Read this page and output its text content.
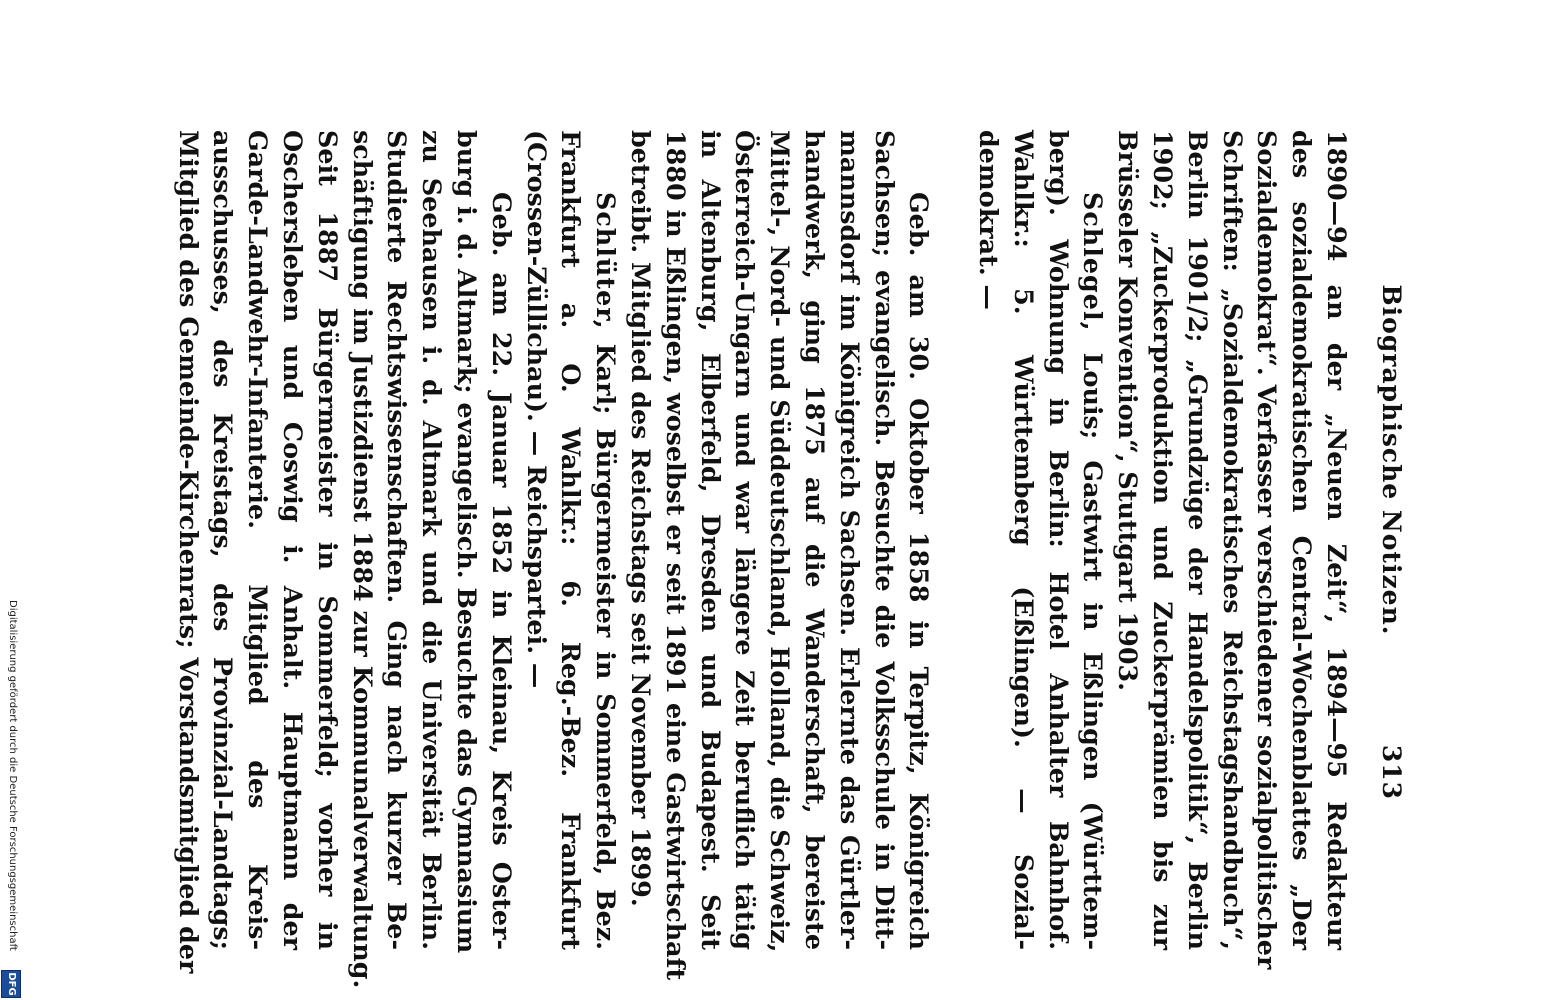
Biographische Notizen.
313
1890—94 an der „Neuen Zeit“, 1894—95 Redakteur
des sozialdemokratischen Central-Wochenblattes „Der
Sozialdemokrat“. Verfasser verschiedener sozialpolitischer
Schriften: „Sozialdemokratisches Reichstagshandbuch“,
Berlin 1901/2; „Grundzüge der Handelspolitik“, Berlin
1902; „Zuckerproduktion und Zuckerprämien bis zur
Brüsseler Konvention“, Stuttgart 1903.
Schlegel, Louis; Gastwirt in Eßlingen (Württem-
berg). Wohnung in Berlin: Hotel Anhalter Bahnhof.
Wahlkr.: 5. Württemberg (Eßlingen). — Sozial-
demokrat. —
Geb. am 30. Oktober 1858 in Terpitz, Königreich
Sachsen; evangelisch. Besuchte die Volksschule in Ditt-
mannsdorf im Königreich Sachsen. Erlernte das Gürtler-
handwerk, ging 1875 auf die Wanderschaft, bereiste
Mittel-, Nord- und Süddeutschland, Holland, die Schweiz,
Österreich-Ungarn und war längere Zeit beruflich tätig
in Altenburg, Elberfeld, Dresden und Budapest. Seit
1880 in Eßlingen, woselbst er seit 1891 eine Gastwirtschaft
betreibt. Mitglied des Reichstags seit November 1899.
Schlüter, Karl; Bürgermeister in Sommerfeld, Bez.
Frankfurt a. O. Wahlkr.: 6. Reg.-Bez. Frankfurt
(Crossen-Züllichau). — Reichspartei. —
Geb. am 22. Januar 1852 in Kleinau, Kreis Oster-
burg i. d. Altmark; evangelisch. Besuchte das Gymnasium
zu Seehausen i. d. Altmark und die Universität Berlin.
Studierte Rechtswissenschaften. Ging nach kurzer Be-
schäftigung im Justizdienst 1884 zur Kommunalverwaltung.
Seit 1887 Bürgermeister in Sommerfeld; vorher in
Oschersleben und Coswig i. Anhalt. Hauptmann der
Garde-Landwehr-Infanterie. Mitglied des Kreis-
ausschusses, des Kreistags, des Provinzial-Landtags;
Mitglied des Gemeinde-Kirchenrats; Vorstandsmitglied der
Digitalisierung gefördert durch die Deutsche Forschungsgemeinschaft
DFG
